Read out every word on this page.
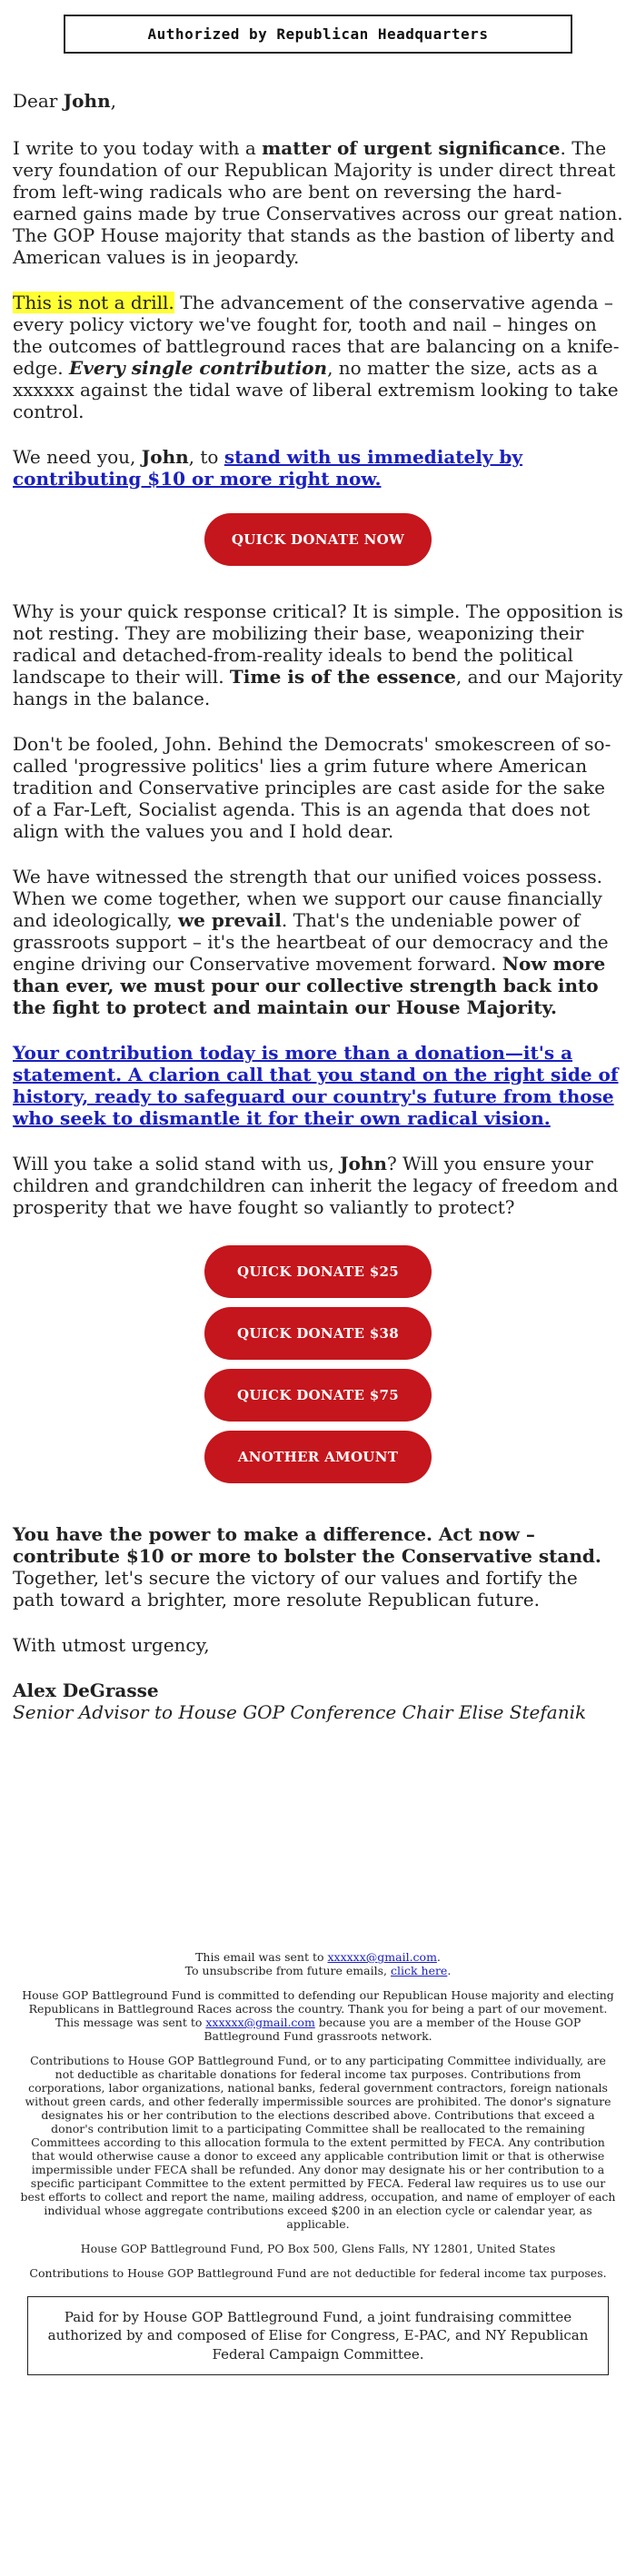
Authorized by Republican Headquarters

Dear John,

I write to you today with a matter of urgent significance. The very foundation of our Republican Majority is under direct threat from left-wing radicals who are bent on reversing the hard-earned gains made by true Conservatives across our great nation. The GOP House majority that stands as the bastion of liberty and American values is in jeopardy.

This is not a drill. The advancement of the conservative agenda – every policy victory we've fought for, tooth and nail – hinges on the outcomes of battleground races that are balancing on a knife-edge. Every single contribution, no matter the size, acts as a xxxxxx against the tidal wave of liberal extremism looking to take control.

We need you, John, to stand with us immediately by contributing $10 or more right now.

QUICK DONATE NOW

Why is your quick response critical? It is simple. The opposition is not resting. They are mobilizing their base, weaponizing their radical and detached-from-reality ideals to bend the political landscape to their will. Time is of the essence, and our Majority hangs in the balance.

Don't be fooled, John. Behind the Democrats' smokescreen of so-called 'progressive politics' lies a grim future where American tradition and Conservative principles are cast aside for the sake of a Far-Left, Socialist agenda. This is an agenda that does not align with the values you and I hold dear.

We have witnessed the strength that our unified voices possess. When we come together, when we support our cause financially and ideologically, we prevail. That's the undeniable power of grassroots support – it's the heartbeat of our democracy and the engine driving our Conservative movement forward. Now more than ever, we must pour our collective strength back into the fight to protect and maintain our House Majority.

Your contribution today is more than a donation—it's a statement. A clarion call that you stand on the right side of history, ready to safeguard our country's future from those who seek to dismantle it for their own radical vision.

Will you take a solid stand with us, John? Will you ensure your children and grandchildren can inherit the legacy of freedom and prosperity that we have fought so valiantly to protect?

QUICK DONATE $25
QUICK DONATE $38
QUICK DONATE $75
ANOTHER AMOUNT

You have the power to make a difference. Act now – contribute $10 or more to bolster the Conservative stand. Together, let's secure the victory of our values and fortify the path toward a brighter, more resolute Republican future.

With utmost urgency,

Alex DeGrasse

Senior Advisor to House GOP Conference Chair Elise Stefanik

This email was sent to xxxxxx@gmail.com.

To unsubscribe from future emails, click here.

House GOP Battleground Fund is committed to defending our Republican House majority and electing Republicans in Battleground Races across the country. Thank you for being a part of our movement. This message was sent to xxxxxx@gmail.com because you are a member of the House GOP Battleground Fund grassroots network.

Contributions to House GOP Battleground Fund, or to any participating Committee individually, are not deductible as charitable donations for federal income tax purposes. Contributions from corporations, labor organizations, national banks, federal government contractors, foreign nationals without green cards, and other federally impermissible sources are prohibited. The donor's signature designates his or her contribution to the elections described above. Contributions that exceed a donor's contribution limit to a participating Committee shall be reallocated to the remaining Committees according to this allocation formula to the extent permitted by FECA. Any contribution that would otherwise cause a donor to exceed any applicable contribution limit or that is otherwise impermissible under FECA shall be refunded. Any donor may designate his or her contribution to a specific participant Committee to the extent permitted by FECA. Federal law requires us to use our best efforts to collect and report the name, mailing address, occupation, and name of employer of each individual whose aggregate contributions exceed $200 in an election cycle or calendar year, as applicable.

House GOP Battleground Fund, PO Box 500, Glens Falls, NY 12801, United States

Contributions to House GOP Battleground Fund are not deductible for federal income tax purposes.

Paid for by House GOP Battleground Fund, a joint fundraising committee authorized by and composed of Elise for Congress, E-PAC, and NY Republican Federal Campaign Committee.
